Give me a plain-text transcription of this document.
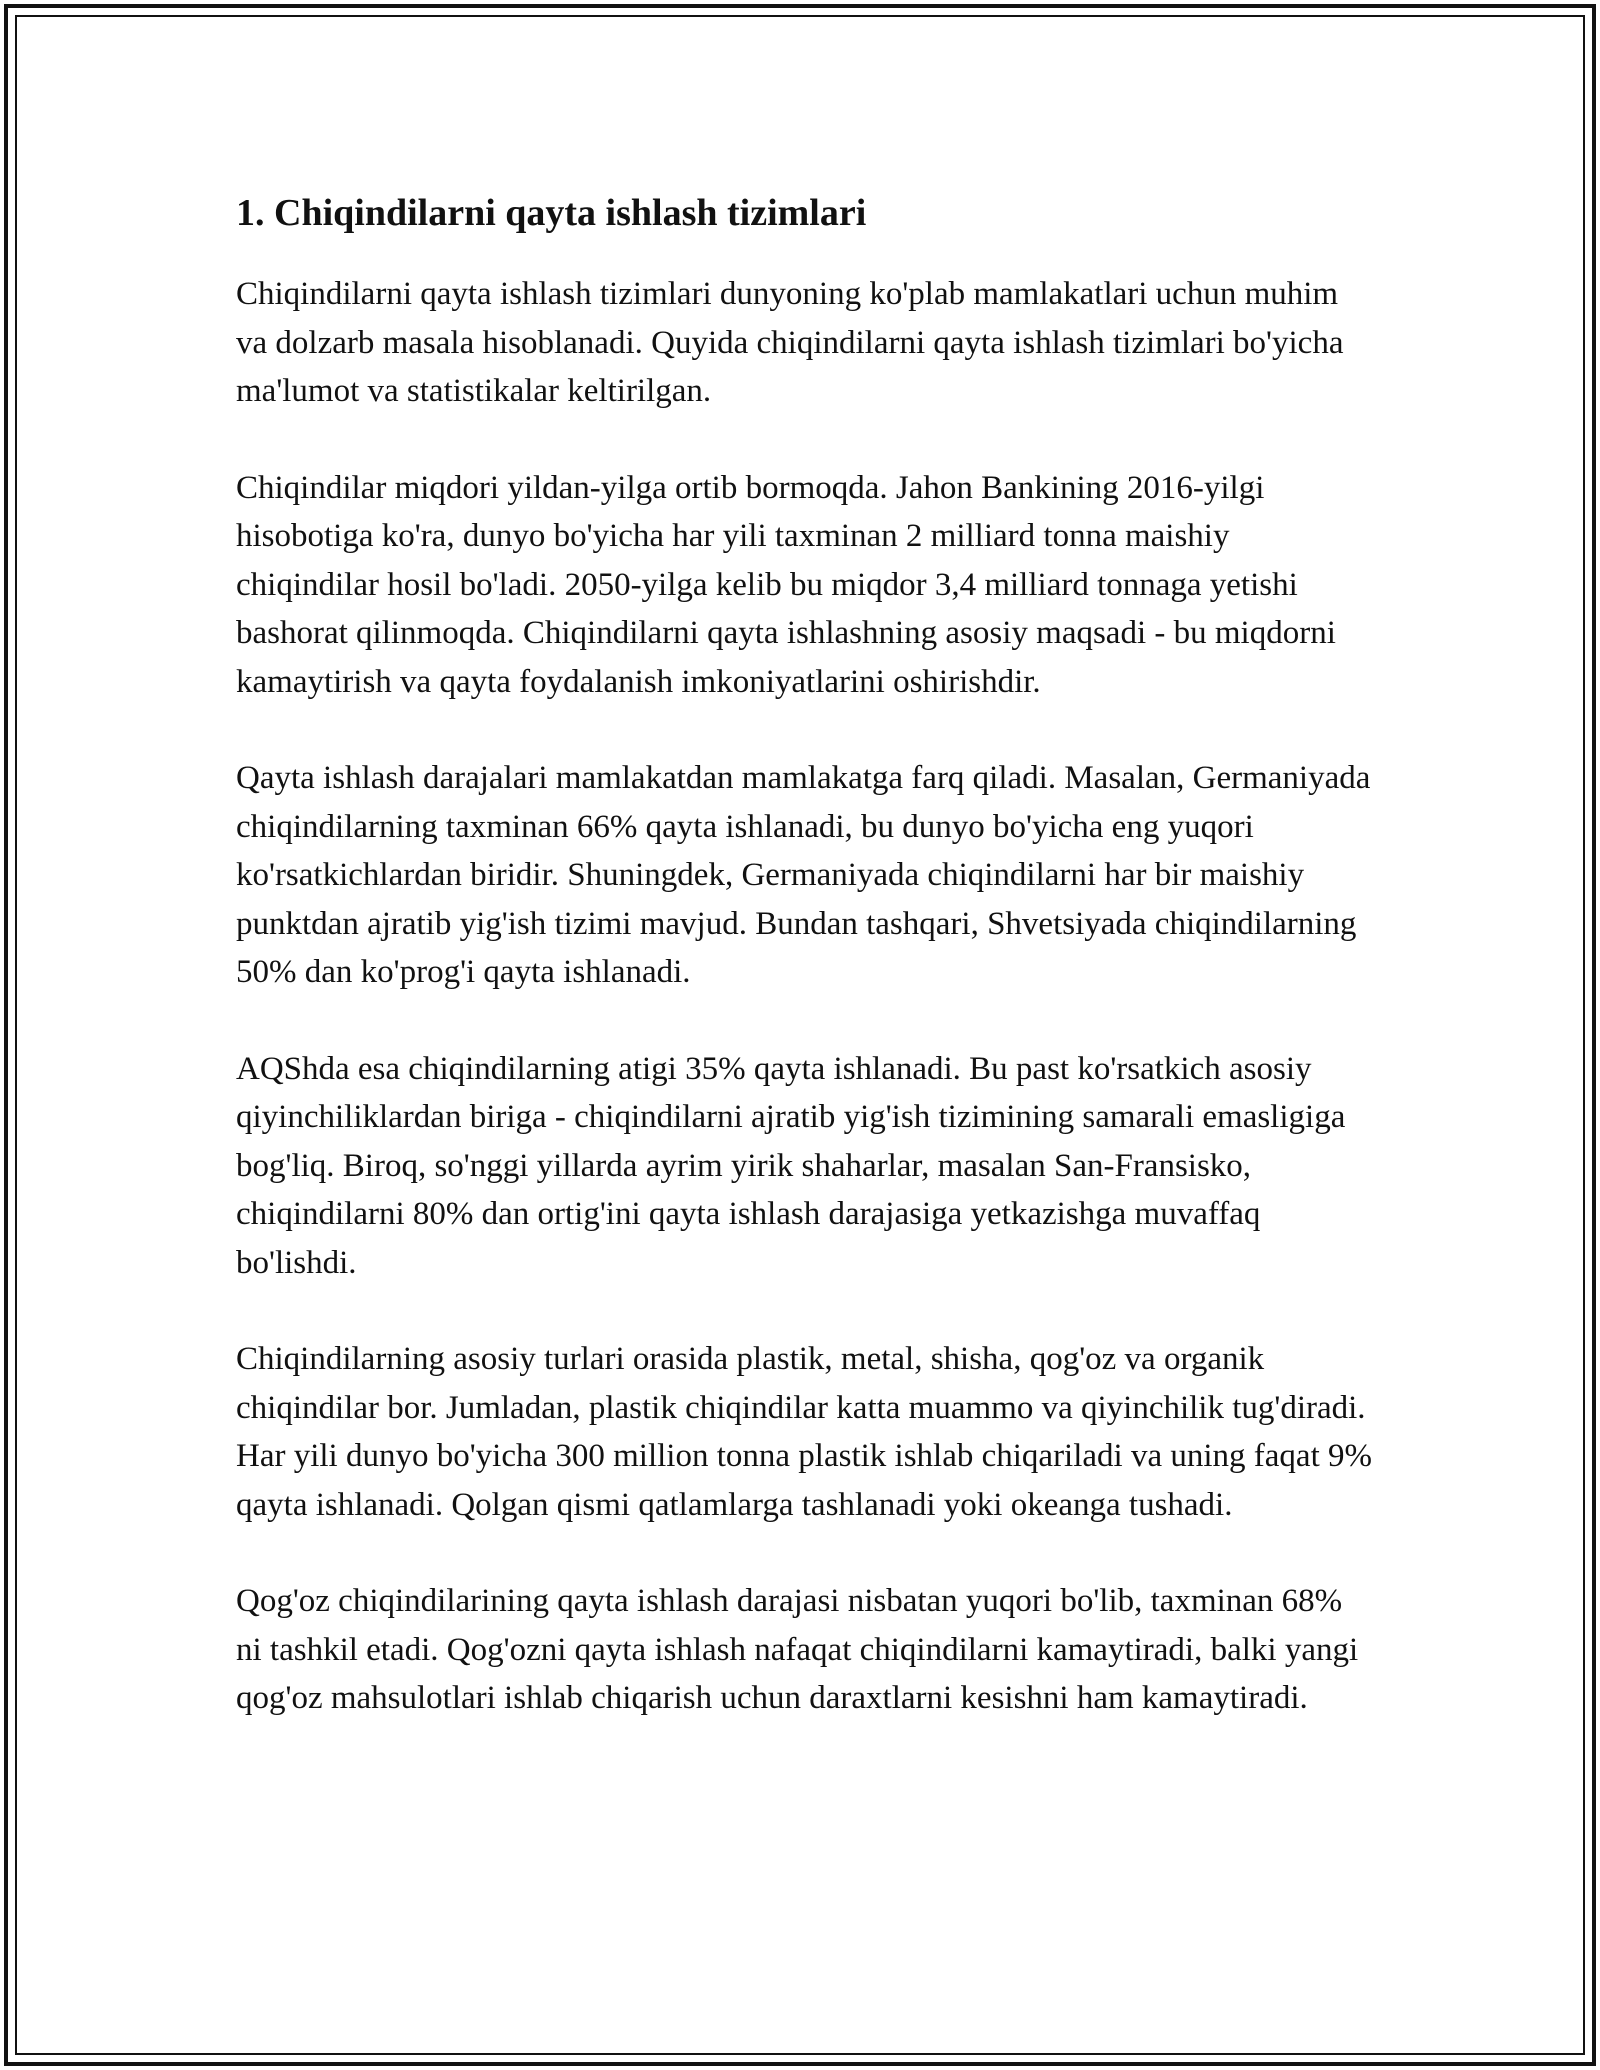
1. Chiqindilarni qayta ishlash tizimlari

Chiqindilarni qayta ishlash tizimlari dunyoning ko'plab mamlakatlari uchun muhim va dolzarb masala hisoblanadi. Quyida chiqindilarni qayta ishlash tizimlari bo'yicha ma'lumot va statistikalar keltirilgan.

Chiqindilar miqdori yildan-yilga ortib bormoqda. Jahon Bankining 2016-yilgi hisobotiga ko'ra, dunyo bo'yicha har yili taxminan 2 milliard tonna maishiy chiqindilar hosil bo'ladi. 2050-yilga kelib bu miqdor 3,4 milliard tonnaga yetishi bashorat qilinmoqda. Chiqindilarni qayta ishlashning asosiy maqsadi - bu miqdorni kamaytirish va qayta foydalanish imkoniyatlarini oshirishdir.

Qayta ishlash darajalari mamlakatdan mamlakatga farq qiladi. Masalan, Germaniyada chiqindilarning taxminan 66% qayta ishlanadi, bu dunyo bo'yicha eng yuqori ko'rsatkichlardan biridir. Shuningdek, Germaniyada chiqindilarni har bir maishiy punktdan ajratib yig'ish tizimi mavjud. Bundan tashqari, Shvetsiyada chiqindilarning 50% dan ko'prog'i qayta ishlanadi.

AQShda esa chiqindilarning atigi 35% qayta ishlanadi. Bu past ko'rsatkich asosiy qiyinchiliklardan biriga - chiqindilarni ajratib yig'ish tizimining samarali emasligiga bog'liq. Biroq, so'nggi yillarda ayrim yirik shaharlar, masalan San-Fransisko, chiqindilarni 80% dan ortig'ini qayta ishlash darajasiga yetkazishga muvaffaq bo'lishdi.

Chiqindilarning asosiy turlari orasida plastik, metal, shisha, qog'oz va organik chiqindilar bor. Jumladan, plastik chiqindilar katta muammo va qiyinchilik tug'diradi. Har yili dunyo bo'yicha 300 million tonna plastik ishlab chiqariladi va uning faqat 9% qayta ishlanadi. Qolgan qismi qatlamlarga tashlanadi yoki okeanga tushadi.

Qog'oz chiqindilarining qayta ishlash darajasi nisbatan yuqori bo'lib, taxminan 68% ni tashkil etadi. Qog'ozni qayta ishlash nafaqat chiqindilarni kamaytiradi, balki yangi qog'oz mahsulotlari ishlab chiqarish uchun daraxtlarni kesishni ham kamaytiradi.
